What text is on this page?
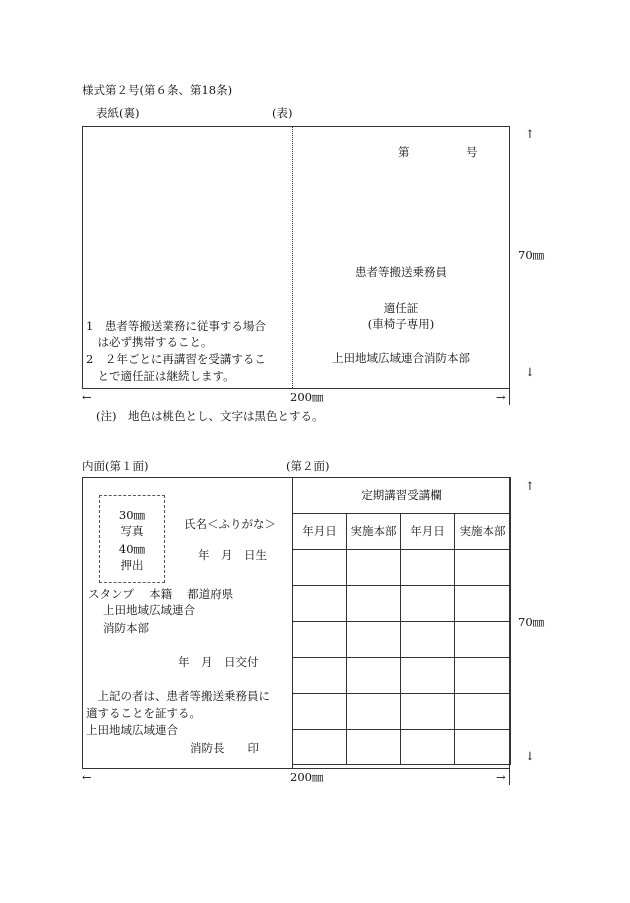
様式第２号(第６条、第18条)
表紙(裏)	(表)
第	号
患者等搬送乗務員
適任証
(車椅子専用)
上田地域広域連合消防本部
1　患者等搬送業務に従事する場合
　は必ず携帯すること。
2　２年ごとに再講習を受講するこ
　とで適任証は継続します。
↑
70㎜
↓
←	200㎜	→
(注)　地色は桃色とし、文字は黒色とする。
内面(第１面)	(第２面)
30㎜
写真
40㎜
押出
氏名＜ふりがな＞
年　月　日生
スタンプ　 本籍　 都道府県
上田地域広域連合
消防本部
年　月　日交付
　上記の者は、患者等搬送乗務員に
適することを証する。
上田地域広域連合
消防長　　印
定期講習受講欄			
年月日	実施本部	年月日	実施本部

↑
70㎜
↓
←	200㎜	→
